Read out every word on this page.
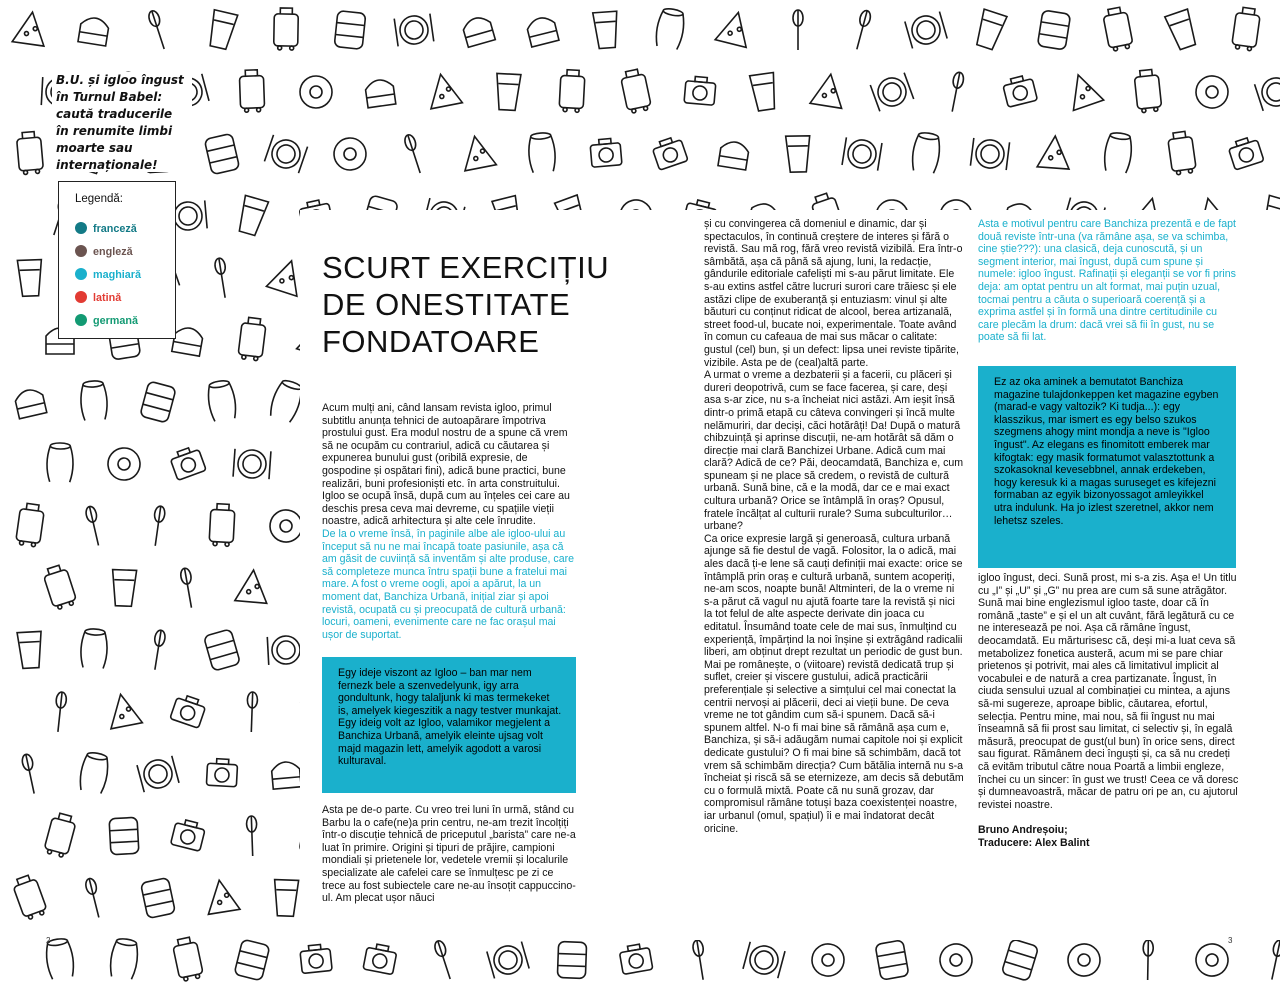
B.U. și igloo îngust în Turnul Babel: caută traducerile în renumite limbi moarte sau internaționale!
Legendă:
franceză
engleză
maghiară
latină
germană
SCURT EXERCIȚIU DE ONESTITATE FONDATOARE

Acum mulți ani, când lansam revista igloo, primul subtitlu anunța tehnici de autoapărare împotriva prostului gust. Era modul nostru de a spune că vrem să ne ocupăm cu contrariul, adică cu căutarea și expunerea bunului gust (oribilă expresie, de gospodine și ospătari fini), adică bune practici, bune realizări, buni profesioniști etc. în arta construitului. Igloo se ocupă însă, după cum au înțeles cei care au deschis presa ceva mai devreme, cu spațiile vieții noastre, adică arhitectura și alte cele înrudite.

De la o vreme însă, în paginile albe ale igloo-ului au început să nu ne mai încapă toate pasiunile, așa că am găsit de cuviință să inventăm și alte produse, care să completeze munca întru spații bune a fratelui mai mare. A fost o vreme oogli, apoi a apărut, la un moment dat, Banchiza Urbană, inițial ziar și apoi revistă, ocupată cu și preocupată de cultură urbană: locuri, oameni, evenimente care ne fac orașul mai ușor de suportat.

Egy ideje viszont az Igloo – ban mar nem fernezk bele a szenvedelyunk, igy arra gondultunk, hogy talaljunk ki mas termekeket is, amelyek kiegeszitik a nagy testver munkajat. Egy ideig volt az Igloo, valamikor megjelent a Banchiza Urbană, amelyik eleinte ujsag volt majd magazin lett, amelyik agodott a varosi kulturaval.

Asta pe de-o parte. Cu vreo trei luni în urmă, stând cu Barbu la o cafe(ne)a prin centru, ne-am trezit încolțiți într-o discuție tehnică de priceputul „barista” care ne-a luat în primire. Origini și tipuri de prăjire, campioni mondiali și prietenele lor, vedetele vremii și localurile specializate ale cafelei care se înmulțesc pe zi ce trece au fost subiectele care ne-au însoțit cappuccino-ul. Am plecat ușor năuci

și cu convingerea că domeniul e dinamic, dar și spectaculos, în continuă creștere de interes și fără o revistă. Sau mă rog, fără vreo revistă vizibilă. Era într-o sâmbătă, așa că până să ajung, luni, la redacție, gândurile editoriale cafeliști mi s-au părut limitate. Ele s-au extins astfel către lucruri surori care trăiesc și ele astăzi clipe de exuberanță și entuziasm: vinul și alte băuturi cu conținut ridicat de alcool, berea artizanală, street food-ul, bucate noi, experimentale. Toate având în comun cu cafeaua de mai sus măcar o calitate: gustul (cel) bun, și un defect: lipsa unei reviste tipărite, vizibile. Asta pe de (ceal)altă parte.

A urmat o vreme a dezbaterii și a facerii, cu plăceri și dureri deopotrivă, cum se face facerea, și care, deși asa s-ar zice, nu s-a încheiat nici astăzi. Am ieșit însă dintr-o primă etapă cu câteva convingeri și încă multe nelămuriri, dar deciși, căci hotărâți! Da! După o matură chibzuință și aprinse discuții, ne-am hotărât să dăm o direcție mai clară Banchizei Urbane. Adică cum mai clară? Adică de ce? Păi, deocamdată, Banchiza e, cum spuneam și ne place să credem, o revistă de cultură urbană. Sună bine, că e la modă, dar ce e mai exact cultura urbană? Orice se întâmplă în oraș? Opusul, fratele încălțat al culturii rurale? Suma subculturilor… urbane?

Ca orice expresie largă și generoasă, cultura urbană ajunge să fie destul de vagă. Folositor, la o adică, mai ales dacă ți-e lene să cauți definiții mai exacte: orice se întâmplă prin oraș e cultură urbană, suntem acoperiți, ne-am scos, noapte bună! Altminteri, de la o vreme ni s-a părut că vagul nu ajută foarte tare la revistă și nici la tot felul de alte aspecte derivate din joaca cu editatul. Însumând toate cele de mai sus, înmulțind cu experiență, împărțind la noi înșine și extrăgând radicalii liberi, am obținut drept rezultat un periodic de gust bun. Mai pe românește, o (viitoare) revistă dedicată trup și suflet, creier și viscere gustului, adică practicării preferențiale și selective a simțului cel mai conectat la centrii nervoși ai plăcerii, deci ai vieții bune. De ceva vreme ne tot gândim cum să-i spunem. Dacă să-i spunem altfel. N-o fi mai bine să rămână așa cum e, Banchiza, și să-i adăugăm numai capitole noi și explicit dedicate gustului? O fi mai bine să schimbăm, dacă tot vrem să schimbăm direcția? Cum bătălia internă nu s-a încheiat și riscă să se eternizeze, am decis să debutăm cu o formulă mixtă. Poate că nu sună grozav, dar compromisul rămâne totuși baza coexistenței noastre, iar urbanul (omul, spațiul) îi e mai îndatorat decât oricine.

Asta e motivul pentru care Banchiza prezentă e de fapt două reviste într-una (va rămâne așa, se va schimba, cine știe???): una clasică, deja cunoscută, și un segment interior, mai îngust, după cum spune și numele: igloo îngust. Rafinații și eleganții se vor fi prins deja: am optat pentru un alt format, mai puțin uzual, tocmai pentru a căuta o superioară coerență și a exprima astfel și în formă una dintre certitudinile cu care plecăm la drum: dacă vrei să fii în gust, nu se poate să fii lat.

Ez az oka aminek a bemutatot Banchiza magazine tulajdonkeppen ket magazine egyben (marad-e vagy valtozik? Ki tudja...): egy klasszikus, mar ismert es egy belso szukos szegmens ahogy mint mondja a neve is "Igloo îngust". Az elegans es finomitott emberek mar kifogtak: egy masik formatumot valasztottunk a szokasoknal kevesebbnel, annak erdekeben, hogy keresuk ki a magas suruseget es kifejezni formaban az egyik bizonyossagot amleyikkel utra indulunk. Ha jo izlest szeretnel, akkor nem lehetsz szeles.

igloo îngust, deci. Sună prost, mi s-a zis. Așa e! Un titlu cu „I” și „U” și „G” nu prea are cum să sune atrăgător. Sună mai bine englezismul igloo taste, doar că în română „taste” e și el un alt cuvânt, fără legătură cu ce ne interesează pe noi. Așa că rămâne îngust, deocamdată. Eu mărturisesc că, deși mi-a luat ceva să metabolizez fonetica austeră, acum mi se pare chiar prietenos și potrivit, mai ales că limitativul implicit al vocabulei e de natură a crea partizanate. Îngust, în ciuda sensului uzual al combinației cu mintea, a ajuns să-mi sugereze, aproape biblic, căutarea, efortul, selecția. Pentru mine, mai nou, să fii îngust nu mai înseamnă să fii prost sau limitat, ci selectiv și, în egală măsură, preocupat de gust(ul bun) în orice sens, direct sau figurat. Rămânem deci înguști și, ca să nu credeți că evităm tributul către noua Poartă a limbii engleze, închei cu un sincer: în gust we trust! Ceea ce vă doresc și dumneavoastră, măcar de patru ori pe an, cu ajutorul revistei noastre.

Bruno Andreșoiu;

Traducere: Alex Balint

2	3
